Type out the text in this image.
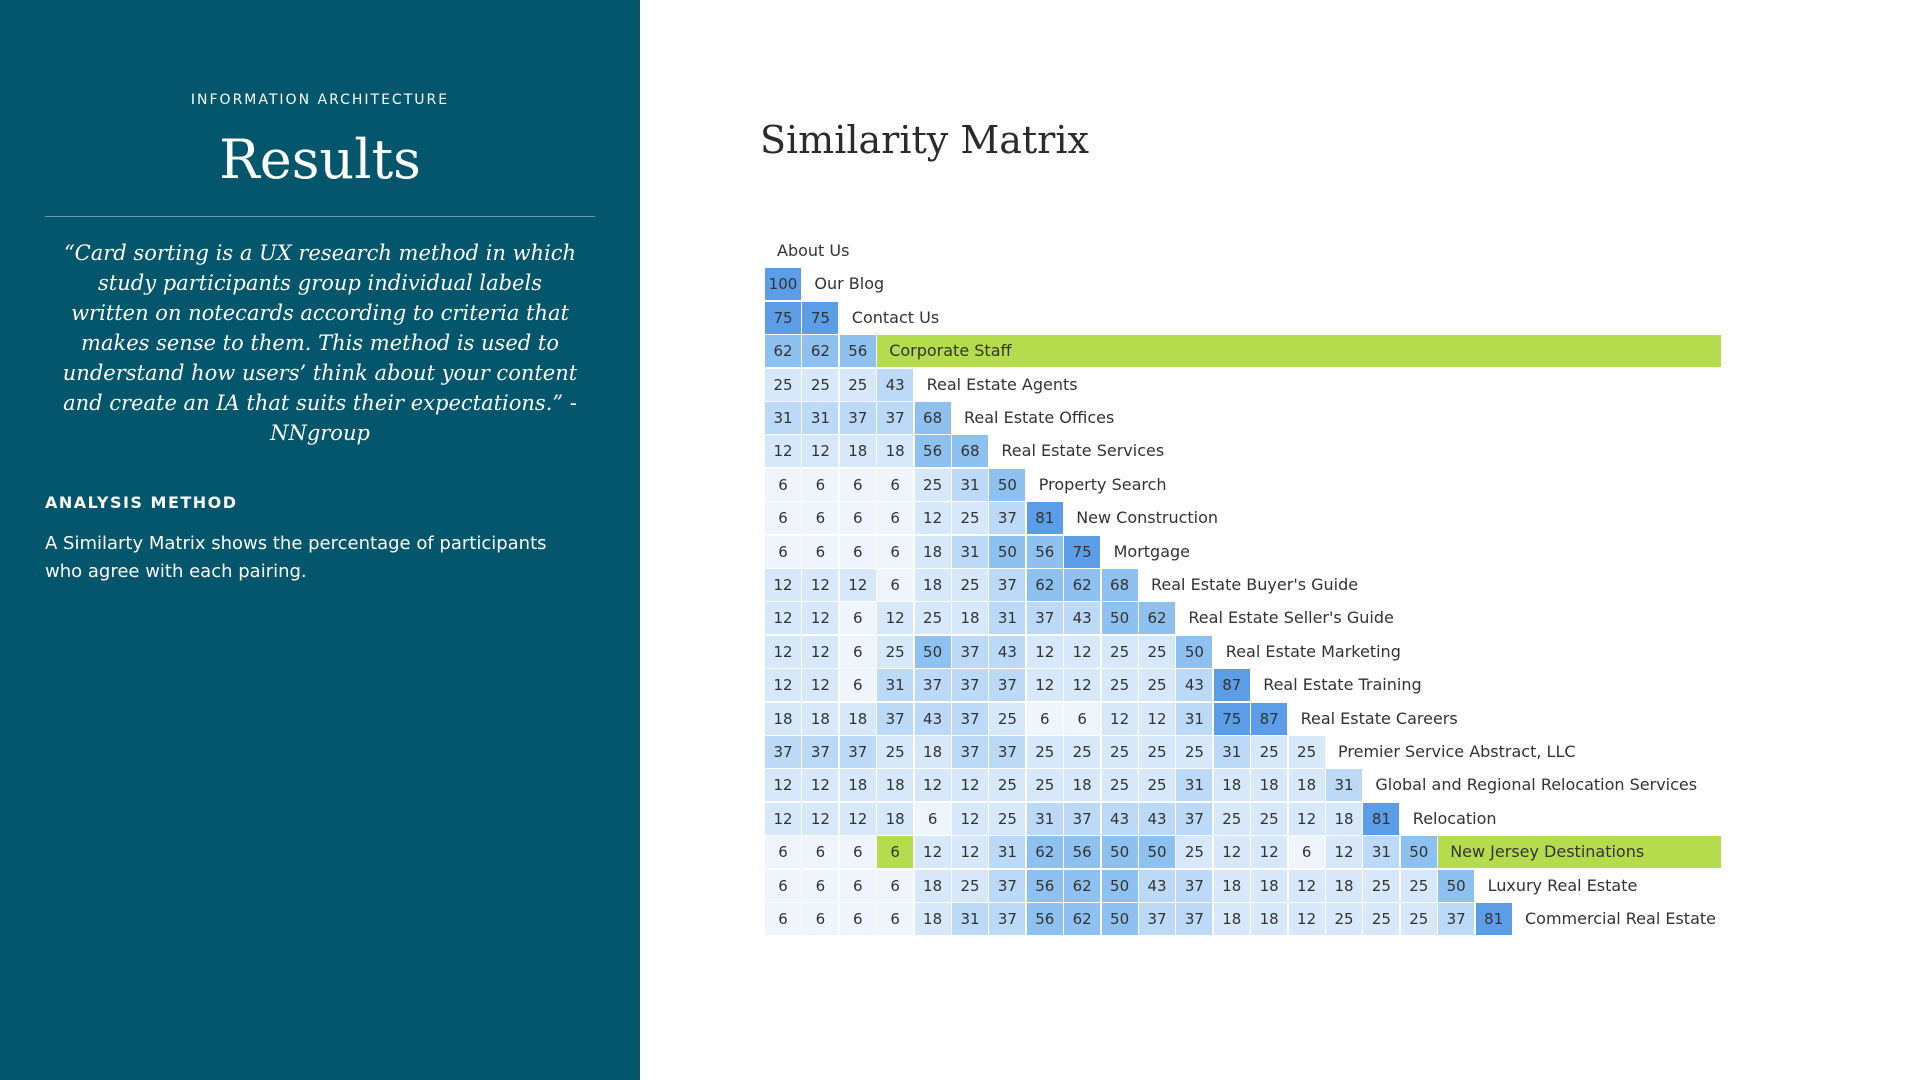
INFORMATION ARCHITECTURE
Results
“Card sorting is a UX research method in which study participants group individual labels written on notecards according to criteria that makes sense to them. This method is used to understand how users’ think about your content and create an IA that suits their expectations.” - NNgroup
ANALYSIS METHOD
A Similarty Matrix shows the percentage of participants who agree with each pairing.
Similarity Matrix
About Us
100	Our Blog
75	75	Contact Us
62	62	56	Corporate Staff
25	25	25	43	Real Estate Agents
31	31	37	37	68	Real Estate Offices
12	12	18	18	56	68	Real Estate Services
6	6	6	6	25	31	50	Property Search
6	6	6	6	12	25	37	81	New Construction
6	6	6	6	18	31	50	56	75	Mortgage
12	12	12	6	18	25	37	62	62	68	Real Estate Buyer's Guide
12	12	6	12	25	18	31	37	43	50	62	Real Estate Seller's Guide
12	12	6	25	50	37	43	12	12	25	25	50	Real Estate Marketing
12	12	6	31	37	37	37	12	12	25	25	43	87	Real Estate Training
18	18	18	37	43	37	25	6	6	12	12	31	75	87	Real Estate Careers
37	37	37	25	18	37	37	25	25	25	25	25	31	25	25	Premier Service Abstract, LLC
12	12	18	18	12	12	25	25	18	25	25	31	18	18	18	31	Global and Regional Relocation Services
12	12	12	18	6	12	25	31	37	43	43	37	25	25	12	18	81	Relocation
6	6	6	6	12	12	31	62	56	50	50	25	12	12	6	12	31	50	New Jersey Destinations
6	6	6	6	18	25	37	56	62	50	43	37	18	18	12	18	25	25	50	Luxury Real Estate
6	6	6	6	18	31	37	56	62	50	37	37	18	18	12	25	25	25	37	81	Commercial Real Estate
